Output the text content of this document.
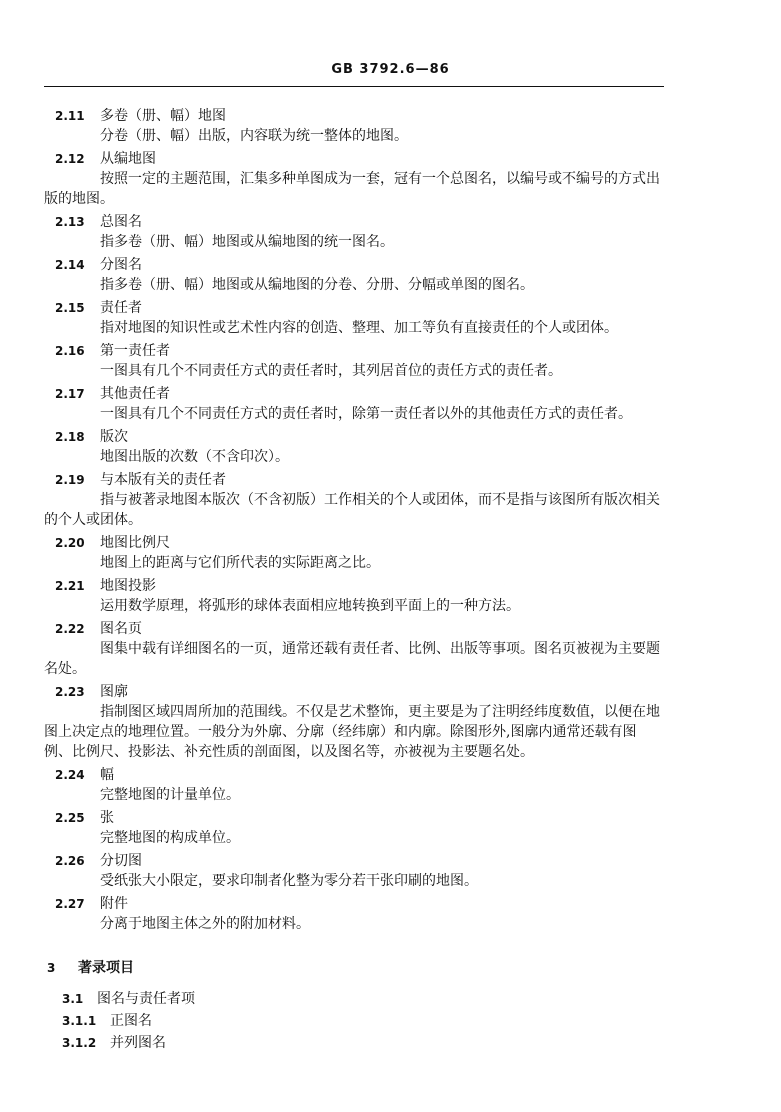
GB 3792.6—86
2.11 多卷（册、幅）地图

分卷（册、幅）出版，内容联为统一整体的地图。

2.12 从编地图

按照一定的主题范围，汇集多种单图成为一套，冠有一个总图名，以编号或不编号的方式出版的地图。

2.13 总图名

指多卷（册、幅）地图或从编地图的统一图名。

2.14 分图名

指多卷（册、幅）地图或从编地图的分卷、分册、分幅或单图的图名。

2.15 责任者

指对地图的知识性或艺术性内容的创造、整理、加工等负有直接责任的个人或团体。

2.16 第一责任者

一图具有几个不同责任方式的责任者时，其列居首位的责任方式的责任者。

2.17 其他责任者

一图具有几个不同责任方式的责任者时，除第一责任者以外的其他责任方式的责任者。

2.18 版次

地图出版的次数（不含印次）。

2.19 与本版有关的责任者

指与被著录地图本版次（不含初版）工作相关的个人或团体，而不是指与该图所有版次相关的个人或团体。

2.20 地图比例尺

地图上的距离与它们所代表的实际距离之比。

2.21 地图投影

运用数学原理，将弧形的球体表面相应地转换到平面上的一种方法。

2.22 图名页

图集中载有详细图名的一页，通常还载有责任者、比例、出版等事项。图名页被视为主要题名处。

2.23 图廓

指制图区域四周所加的范围线。不仅是艺术整饰，更主要是为了注明经纬度数值，以便在地图上决定点的地理位置。一般分为外廓、分廓（经纬廓）和内廓。除图形外,图廓内通常还载有图例、比例尺、投影法、补充性质的剖面图，以及图名等，亦被视为主要题名处。

2.24 幅

完整地图的计量单位。

2.25 张

完整地图的构成单位。

2.26 分切图

受纸张大小限定，要求印制者化整为零分若干张印刷的地图。

2.27 附件

分离于地图主体之外的附加材料。

3 著录项目
3.1 图名与责任者项
3.1.1 正图名
3.1.2 并列图名
